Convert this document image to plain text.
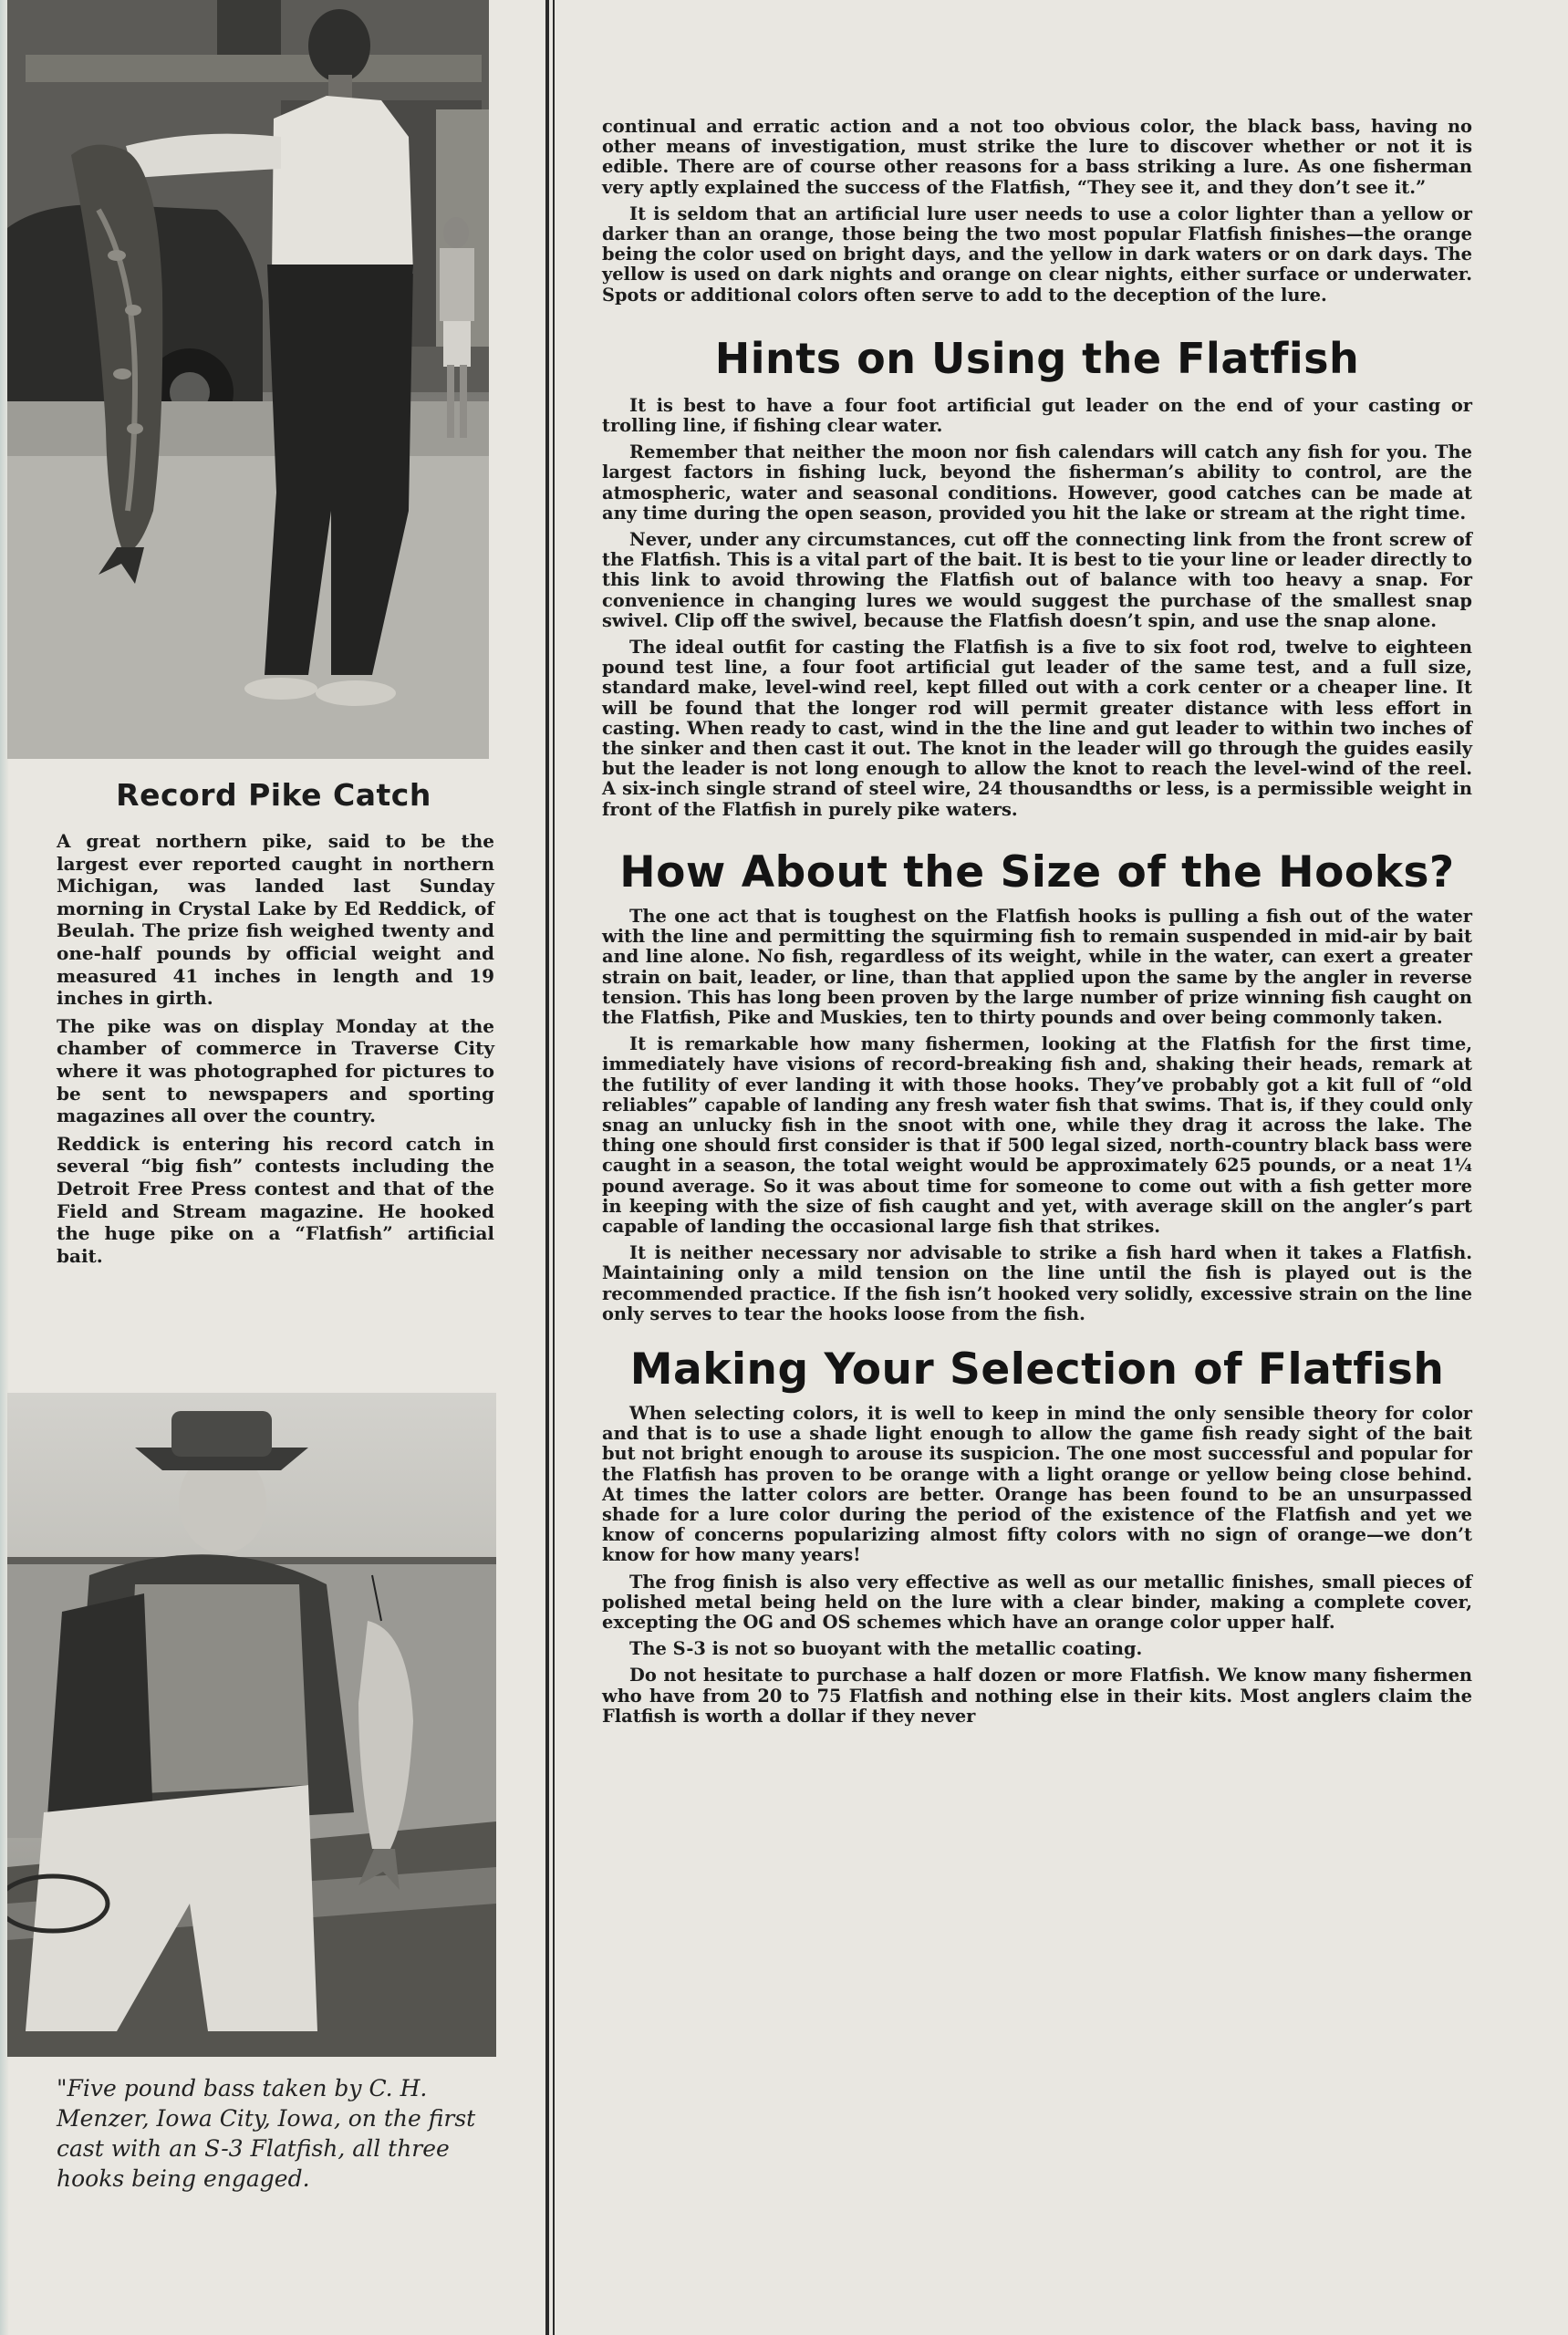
Record Pike Catch

A great northern pike, said to be the largest ever reported caught in northern Michigan, was landed last Sunday morning in Crystal Lake by Ed Reddick, of Beulah. The prize fish weighed twenty and one-half pounds by official weight and measured 41 inches in length and 19 inches in girth.

The pike was on display Monday at the chamber of commerce in Traverse City where it was photographed for pictures to be sent to newspapers and sporting magazines all over the country.

Reddick is entering his record catch in several “big fish” contests including the Detroit Free Press contest and that of the Field and Stream magazine. He hooked the huge pike on a “Flatfish” artificial bait.

"Five pound bass taken by C. H. Menzer, Iowa City, Iowa, on the first cast with an S-3 Flatfish, all three hooks being engaged.

continual and erratic action and a not too obvious color, the black bass, having no other means of investigation, must strike the lure to discover whether or not it is edible. There are of course other reasons for a bass striking a lure. As one fisherman very aptly explained the success of the Flatfish, “They see it, and they don’t see it.”

It is seldom that an artificial lure user needs to use a color lighter than a yellow or darker than an orange, those being the two most popular Flatfish finishes—the orange being the color used on bright days, and the yellow in dark waters or on dark days. The yellow is used on dark nights and orange on clear nights, either surface or underwater. Spots or additional colors often serve to add to the deception of the lure.

Hints on Using the Flatfish

It is best to have a four foot artificial gut leader on the end of your casting or trolling line, if fishing clear water.

Remember that neither the moon nor fish calendars will catch any fish for you. The largest factors in fishing luck, beyond the fisherman’s ability to control, are the atmospheric, water and seasonal conditions. However, good catches can be made at any time during the open season, provided you hit the lake or stream at the right time.

Never, under any circumstances, cut off the connecting link from the front screw of the Flatfish. This is a vital part of the bait. It is best to tie your line or leader directly to this link to avoid throwing the Flatfish out of balance with too heavy a snap. For convenience in changing lures we would suggest the purchase of the smallest snap swivel. Clip off the swivel, because the Flatfish doesn’t spin, and use the snap alone.

The ideal outfit for casting the Flatfish is a five to six foot rod, twelve to eighteen pound test line, a four foot artificial gut leader of the same test, and a full size, standard make, level-wind reel, kept filled out with a cork center or a cheaper line. It will be found that the longer rod will permit greater distance with less effort in casting. When ready to cast, wind in the the line and gut leader to within two inches of the sinker and then cast it out. The knot in the leader will go through the guides easily but the leader is not long enough to allow the knot to reach the level-wind of the reel. A six-inch single strand of steel wire, 24 thousandths or less, is a permissible weight in front of the Flatfish in purely pike waters.

How About the Size of the Hooks?

The one act that is toughest on the Flatfish hooks is pulling a fish out of the water with the line and permitting the squirming fish to remain suspended in mid-air by bait and line alone. No fish, regardless of its weight, while in the water, can exert a greater strain on bait, leader, or line, than that applied upon the same by the angler in reverse tension. This has long been proven by the large number of prize winning fish caught on the Flatfish, Pike and Muskies, ten to thirty pounds and over being commonly taken.

It is remarkable how many fishermen, looking at the Flatfish for the first time, immediately have visions of record-breaking fish and, shaking their heads, remark at the futility of ever landing it with those hooks. They’ve probably got a kit full of “old reliables” capable of landing any fresh water fish that swims. That is, if they could only snag an unlucky fish in the snoot with one, while they drag it across the lake. The thing one should first consider is that if 500 legal sized, north-country black bass were caught in a season, the total weight would be approximately 625 pounds, or a neat 1¼ pound average. So it was about time for someone to come out with a fish getter more in keeping with the size of fish caught and yet, with average skill on the angler’s part capable of landing the occasional large fish that strikes.

It is neither necessary nor advisable to strike a fish hard when it takes a Flatfish. Maintaining only a mild tension on the line until the fish is played out is the recommended practice. If the fish isn’t hooked very solidly, excessive strain on the line only serves to tear the hooks loose from the fish.

Making Your Selection of Flatfish

When selecting colors, it is well to keep in mind the only sensible theory for color and that is to use a shade light enough to allow the game fish ready sight of the bait but not bright enough to arouse its suspicion. The one most successful and popular for the Flatfish has proven to be orange with a light orange or yellow being close behind. At times the latter colors are better. Orange has been found to be an unsurpassed shade for a lure color during the period of the existence of the Flatfish and yet we know of concerns popularizing almost fifty colors with no sign of orange—we don’t know for how many years!

The frog finish is also very effective as well as our metallic finishes, small pieces of polished metal being held on the lure with a clear binder, making a complete cover, excepting the OG and OS schemes which have an orange color upper half.

The S-3 is not so buoyant with the metallic coating.

Do not hesitate to purchase a half dozen or more Flatfish. We know many fishermen who have from 20 to 75 Flatfish and nothing else in their kits. Most anglers claim the Flatfish is worth a dollar if they never
